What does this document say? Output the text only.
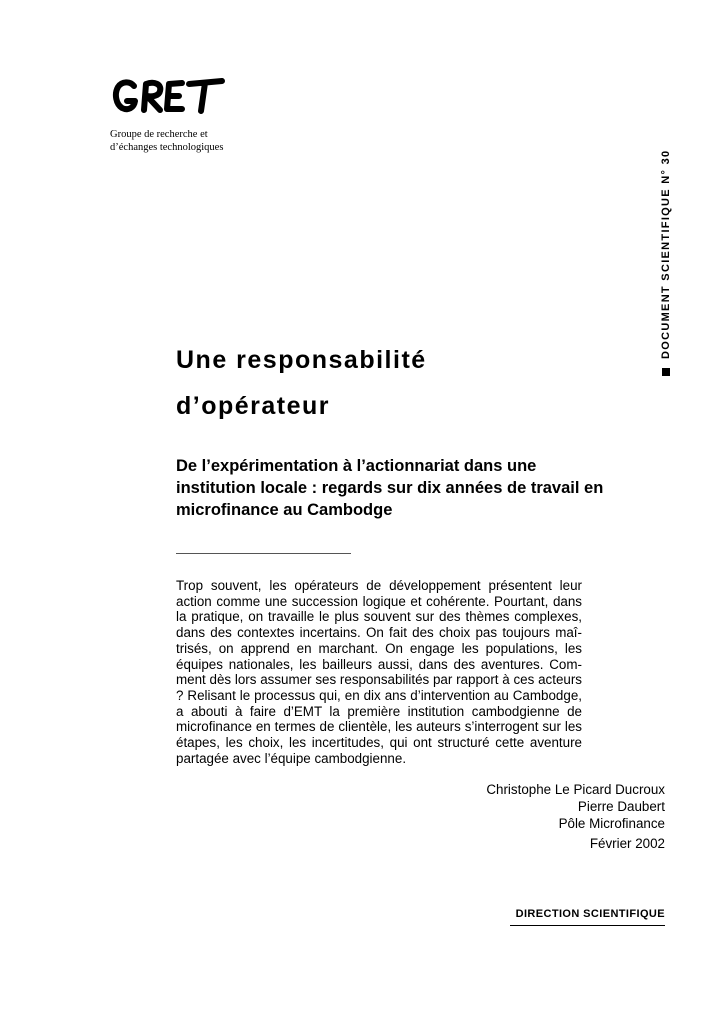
Groupe de recherche et
d’échanges technologiques
DOCUMENT SCIENTIFIQUE N° 30
Une responsabilité
d’opérateur
De l’expérimentation à l’actionnariat dans une
institution locale : regards sur dix années de travail en
microfinance au Cambodge

Trop souvent, les opérateurs de développement présentent leur action comme une succession logique et cohérente. Pourtant, dans la pratique, on travaille le plus souvent sur des thèmes complexes, dans des contextes incertains. On fait des choix pas toujours maîtrisés, on apprend en marchant. On engage les populations, les équipes nationales, les bailleurs aussi, dans des aventures. Comment dès lors assumer ses responsabilités par rapport à ces acteurs ? Relisant le processus qui, en dix ans d’intervention au Cambodge, a abouti à faire d’EMT la première institution cambodgienne de microfinance en termes de clientèle, les auteurs s’interrogent sur les étapes, les choix, les incertitudes, qui ont structuré cette aventure partagée avec l’équipe cambodgienne.

Christophe Le Picard Ducroux
Pierre Daubert
Pôle Microfinance
Février 2002
DIRECTION SCIENTIFIQUE
